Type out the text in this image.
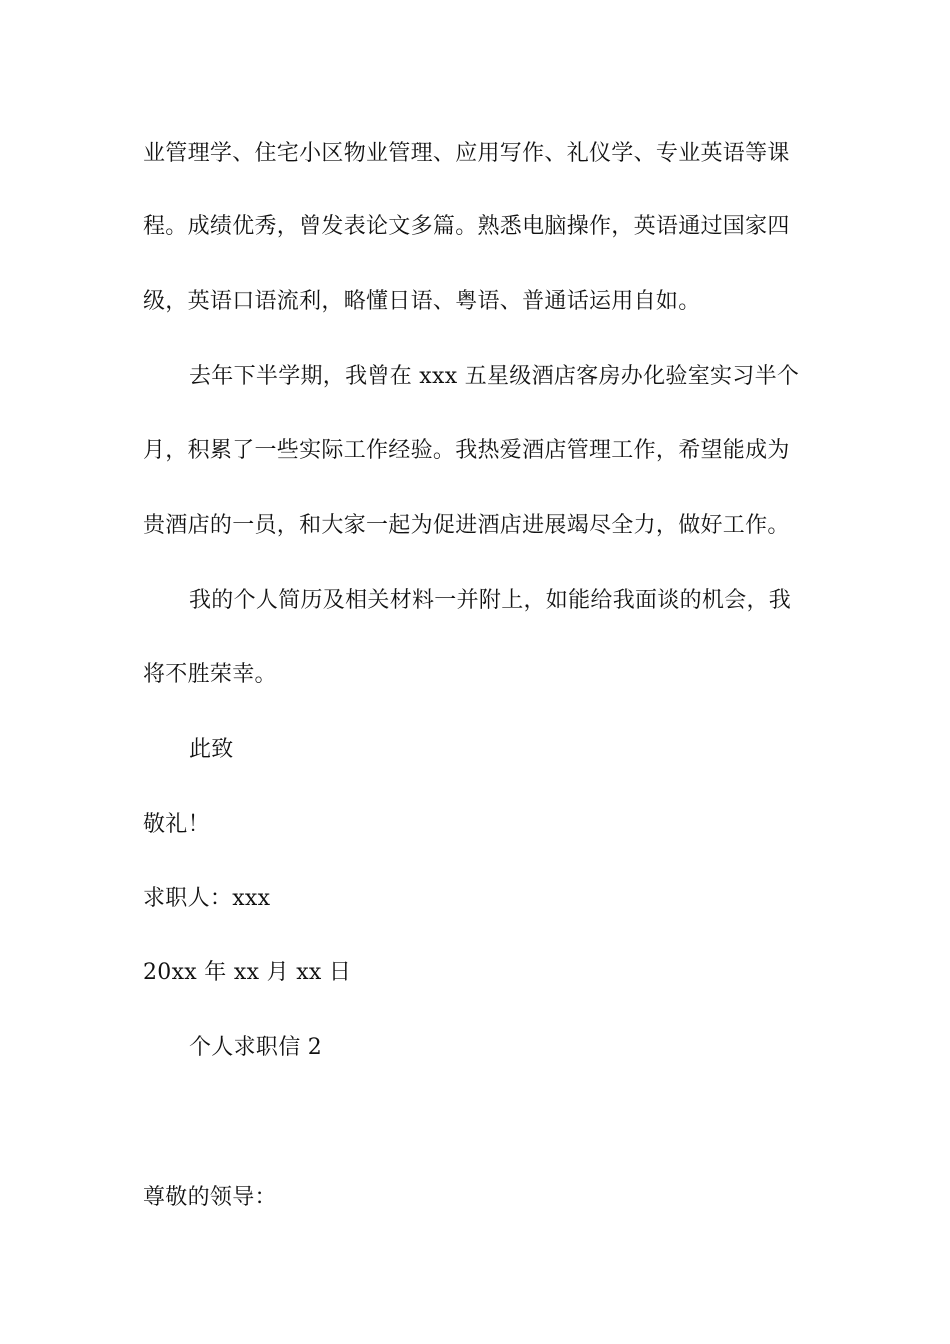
业管理学、住宅小区物业管理、应用写作、礼仪学、专业英语等课
程。成绩优秀，曾发表论文多篇。熟悉电脑操作，英语通过国家四
级，英语口语流利，略懂日语、粤语、普通话运用自如。
去年下半学期，我曾在 xxx 五星级酒店客房办化验室实习半个
月，积累了一些实际工作经验。我热爱酒店管理工作，希望能成为
贵酒店的一员，和大家一起为促进酒店进展竭尽全力，做好工作。
我的个人简历及相关材料一并附上，如能给我面谈的机会，我
将不胜荣幸。
此致
敬礼！
求职人：xxx
20xx 年 xx 月 xx 日
个人求职信 2
尊敬的领导：
